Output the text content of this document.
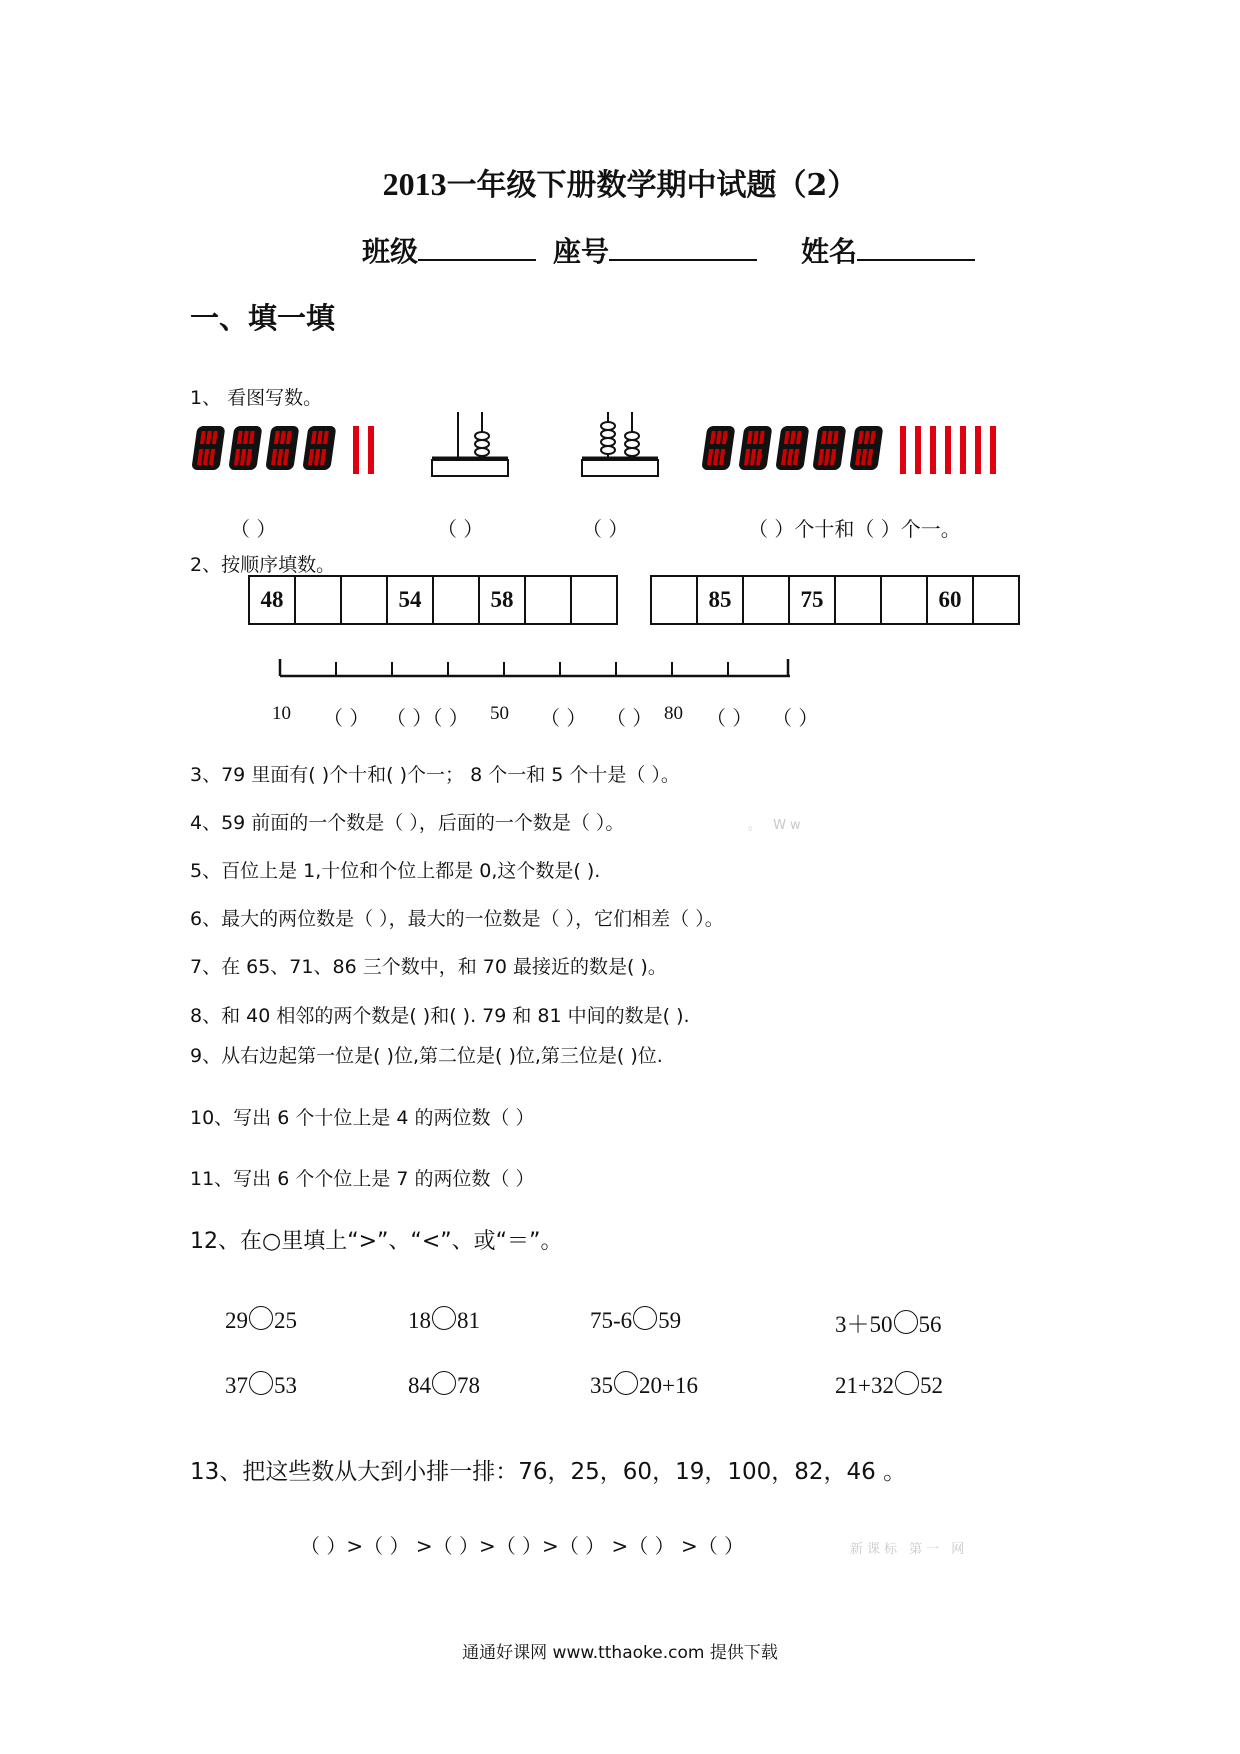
2013一年级下册数学期中试题（2）
班级	座号	姓名
一、填一填
1、 看图写数。
（ ）	（ ）	（ ）	（ ）个十和（ ）个一。
2、按顺序填数。
48	54	58	85	75	60
10 （ ） （ ）（ ） 50 （ ） （ ） 80 （ ） （ ）
3、79 里面有( )个十和( )个一； 8 个一和 5 个十是（ ）。
4、59 前面的一个数是（ ），后面的一个数是（ ）。	。 Ww
5、百位上是 1,十位和个位上都是 0,这个数是( ).
6、最大的两位数是（ ），最大的一位数是（ ），它们相差（ ）。
7、在 65、71、86 三个数中，和 70 最接近的数是( )。
8、和 40 相邻的两个数是( )和( ). 79 和 81 中间的数是( ).
9、从右边起第一位是( )位,第二位是( )位,第三位是( )位.
10、写出 6 个十位上是 4 的两位数（ ）
11、写出 6 个个位上是 7 的两位数（ ）
12、在○里填上“>”、“<”、或“＝”。
29 25	18 81	75-6 59	3＋50 56
37 53	84 78	35 20+16	21+32 52
13、把这些数从大到小排一排：76，25，60，19，100，82，46 。
（ ）>（ ） >（ ）>（ ）>（ ） >（ ） >（ ）	新课标 第一 网
通通好课网 www.tthaoke.com 提供下载
